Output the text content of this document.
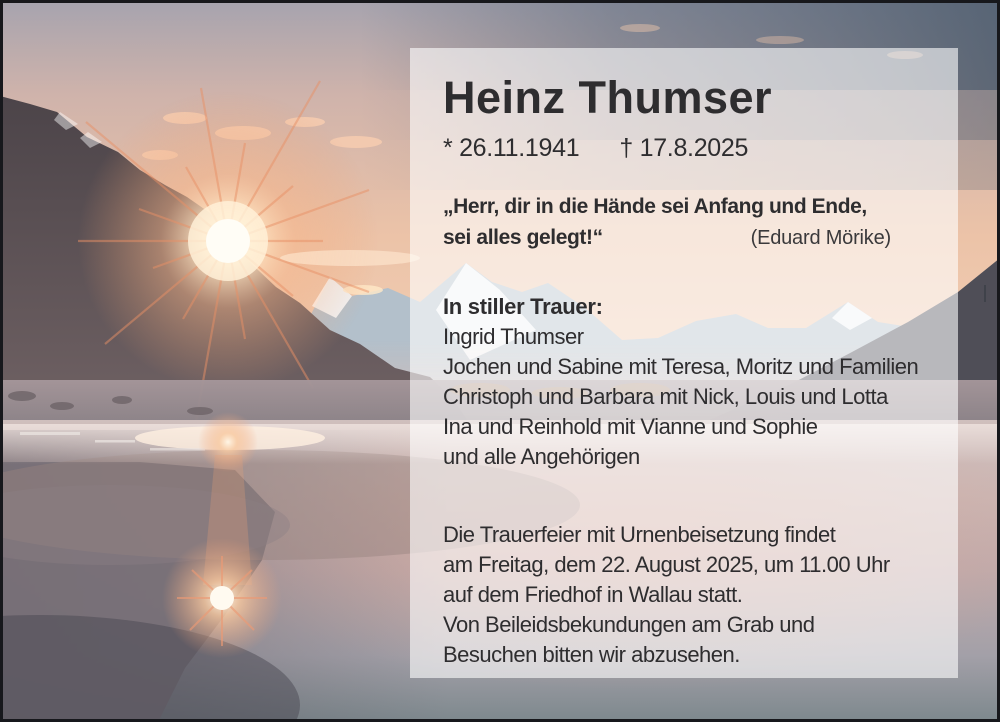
Heinz Thumser
* 26.11.1941 † 17.8.2025
„Herr, dir in die Hände sei Anfang und Ende,
sei alles gelegt!“	(Eduard Mörike)
In stiller Trauer:
Ingrid Thumser
Jochen und Sabine mit Teresa, Moritz und Familien
Christoph und Barbara mit Nick, Louis und Lotta
Ina und Reinhold mit Vianne und Sophie
und alle Angehörigen
Die Trauerfeier mit Urnenbeisetzung findet
am Freitag, dem 22. August 2025, um 11.00 Uhr
auf dem Friedhof in Wallau statt.
Von Beileidsbekundungen am Grab und
Besuchen bitten wir abzusehen.
